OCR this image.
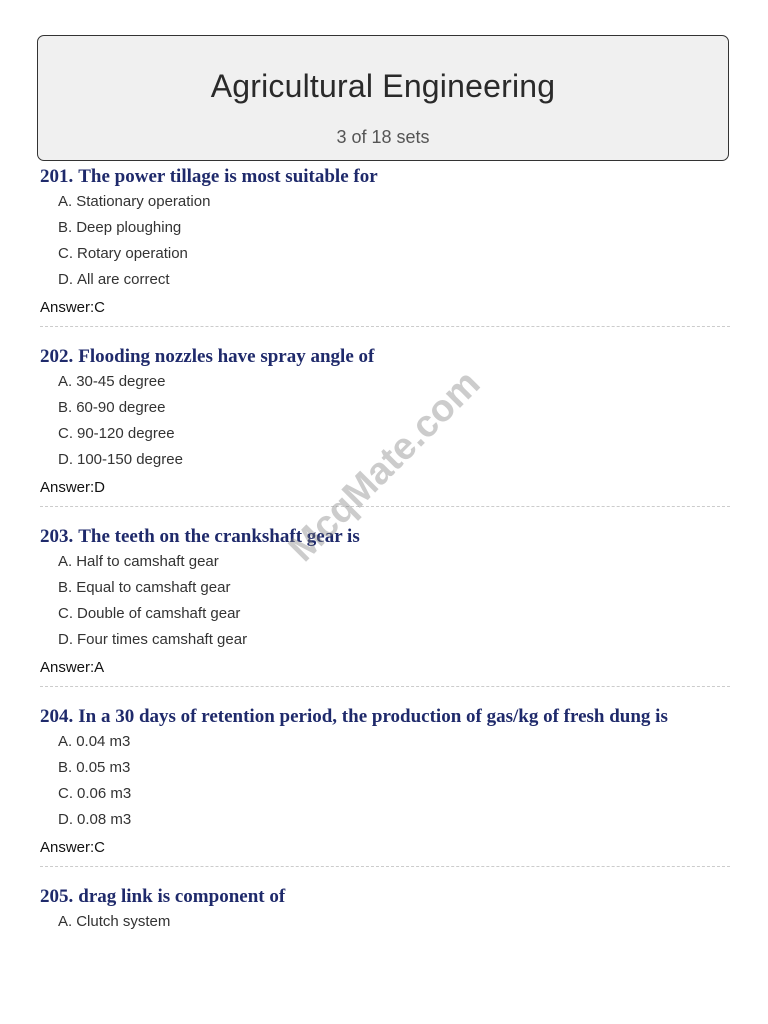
Agricultural Engineering
3 of 18 sets
201. The power tillage is most suitable for
A. Stationary operation
B. Deep ploughing
C. Rotary operation
D. All are correct
Answer:C
202. Flooding nozzles have spray angle of
A. 30-45 degree
B. 60-90 degree
C. 90-120 degree
D. 100-150 degree
Answer:D
203. The teeth on the crankshaft gear is
A. Half to camshaft gear
B. Equal to camshaft gear
C. Double of camshaft gear
D. Four times camshaft gear
Answer:A
204. In a 30 days of retention period, the production of gas/kg of fresh dung is
A. 0.04 m3
B. 0.05 m3
C. 0.06 m3
D. 0.08 m3
Answer:C
205. drag link is component of
A. Clutch system
McqMate.com
